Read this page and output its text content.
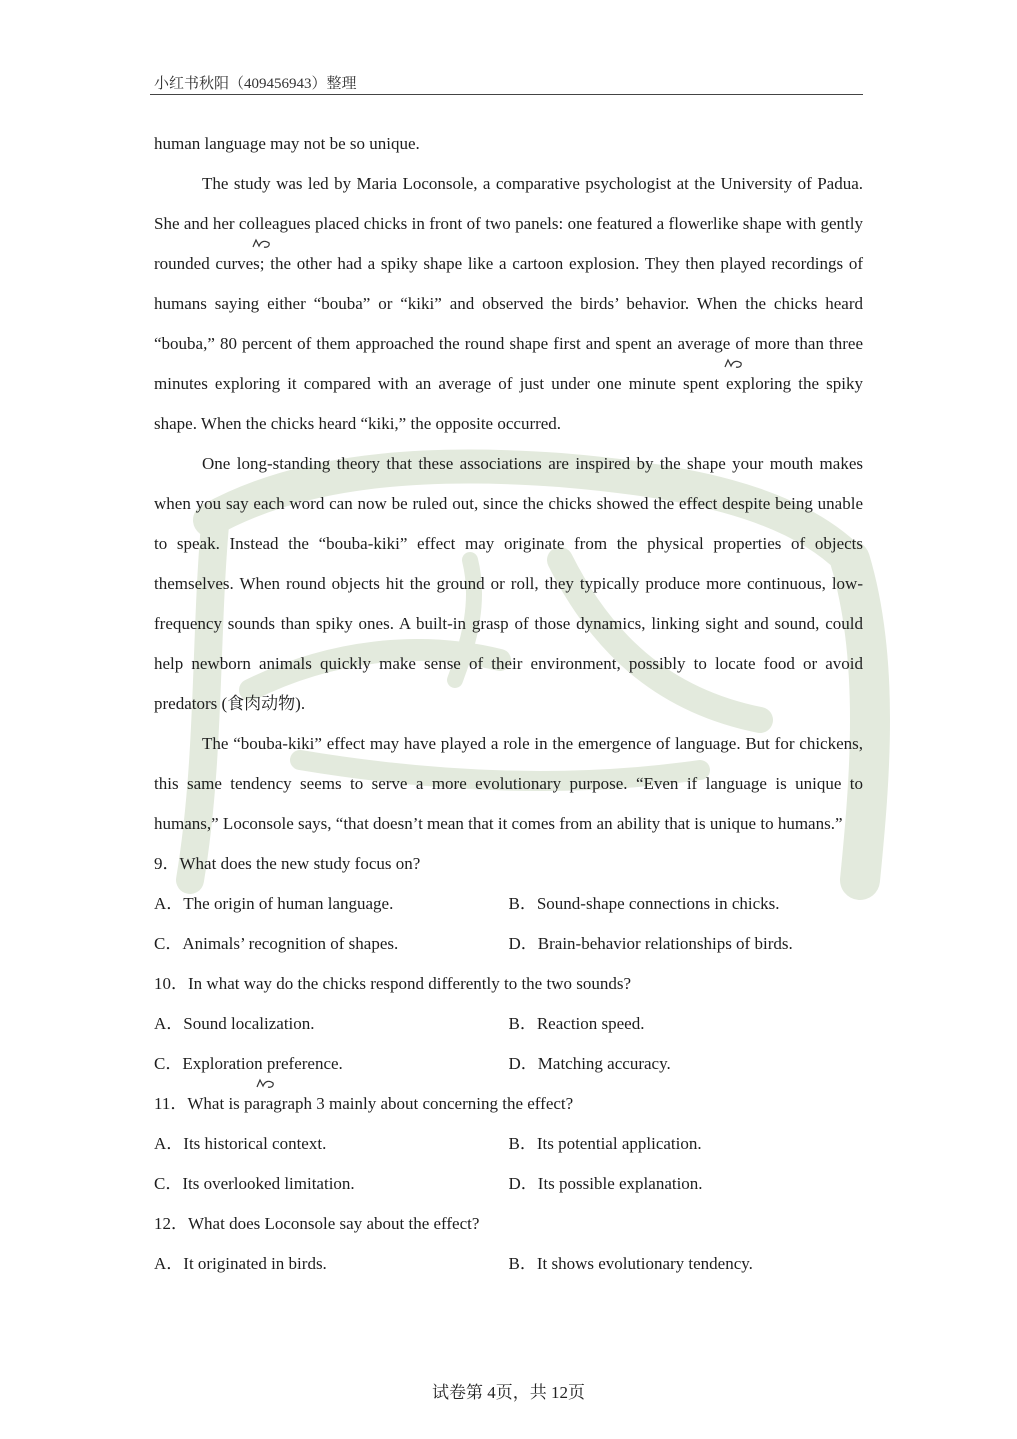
小红书秋阳（409456943）整理

human language may not be so unique.

The study was led by Maria Loconsole, a comparative psychologist at the University of Padua. She and her colleagues placed chicks in front of two panels: one featured a flowerlike shape with gently rounded curves; the other had a spiky shape like a cartoon explosion. They then played recordings of humans saying either “bouba” or “kiki” and observed the birds’ behavior. When the chicks heard “bouba,” 80 percent of them approached the round shape first and spent an average of more than three minutes exploring it compared with an average of just under one minute spent exploring the spiky shape. When the chicks heard “kiki,” the opposite occurred.

One long-standing theory that these associations are inspired by the shape your mouth makes when you say each word can now be ruled out, since the chicks showed the effect despite being unable to speak. Instead the “bouba-kiki” effect may originate from the physical properties of objects themselves. When round objects hit the ground or roll, they typically produce more continuous, low-frequency sounds than spiky ones. A built-in grasp of those dynamics, linking sight and sound, could help newborn animals quickly make sense of their environment, possibly to locate food or avoid predators (食肉动物).

The “bouba-kiki” effect may have played a role in the emergence of language. But for chickens, this same tendency seems to serve a more evolutionary purpose. “Even if language is unique to humans,” Loconsole says, “that doesn’t mean that it comes from an ability that is unique to humans.”

9．What does the new study focus on?
A．The origin of human language.	B．Sound-shape connections in chicks.
C．Animals’ recognition of shapes.	D．Brain-behavior relationships of birds.
10．In what way do the chicks respond differently to the two sounds?
A．Sound localization.	B．Reaction speed.
C．Exploration preference.	D．Matching accuracy.
11．What is paragraph 3 mainly about concerning the effect?
A．Its historical context.	B．Its potential application.
C．Its overlooked limitation.	D．Its possible explanation.
12．What does Loconsole say about the effect?
A．It originated in birds.	B．It shows evolutionary tendency.
试卷第 4页，共 12页
